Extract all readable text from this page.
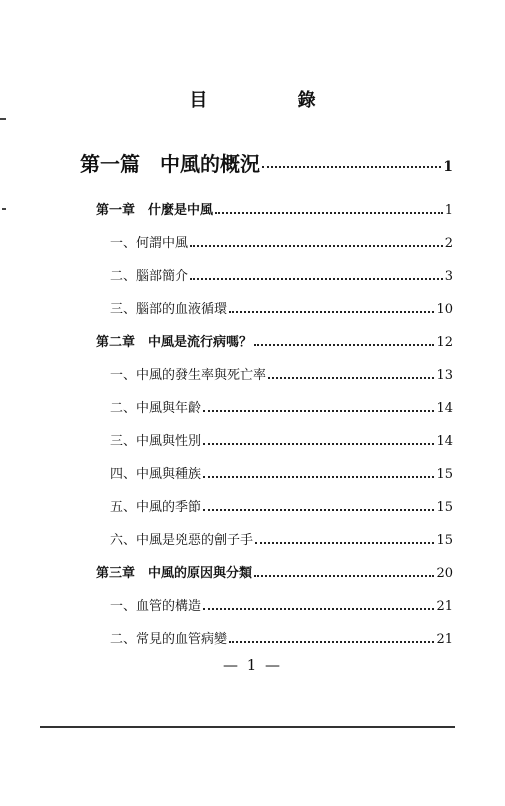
目 錄
第一篇　中風的概況	1
第一章　什麼是中風	1
一、何謂中風	2
二、腦部簡介	3
三、腦部的血液循環	10
第二章　中風是流行病嗎？	12
一、中風的發生率與死亡率	13
二、中風與年齡	14
三、中風與性別	14
四、中風與種族	15
五、中風的季節	15
六、中風是兇惡的劊子手	15
第三章　中風的原因與分類	20
一、血管的構造	21
二、常見的血管病變	21
— 1 —
